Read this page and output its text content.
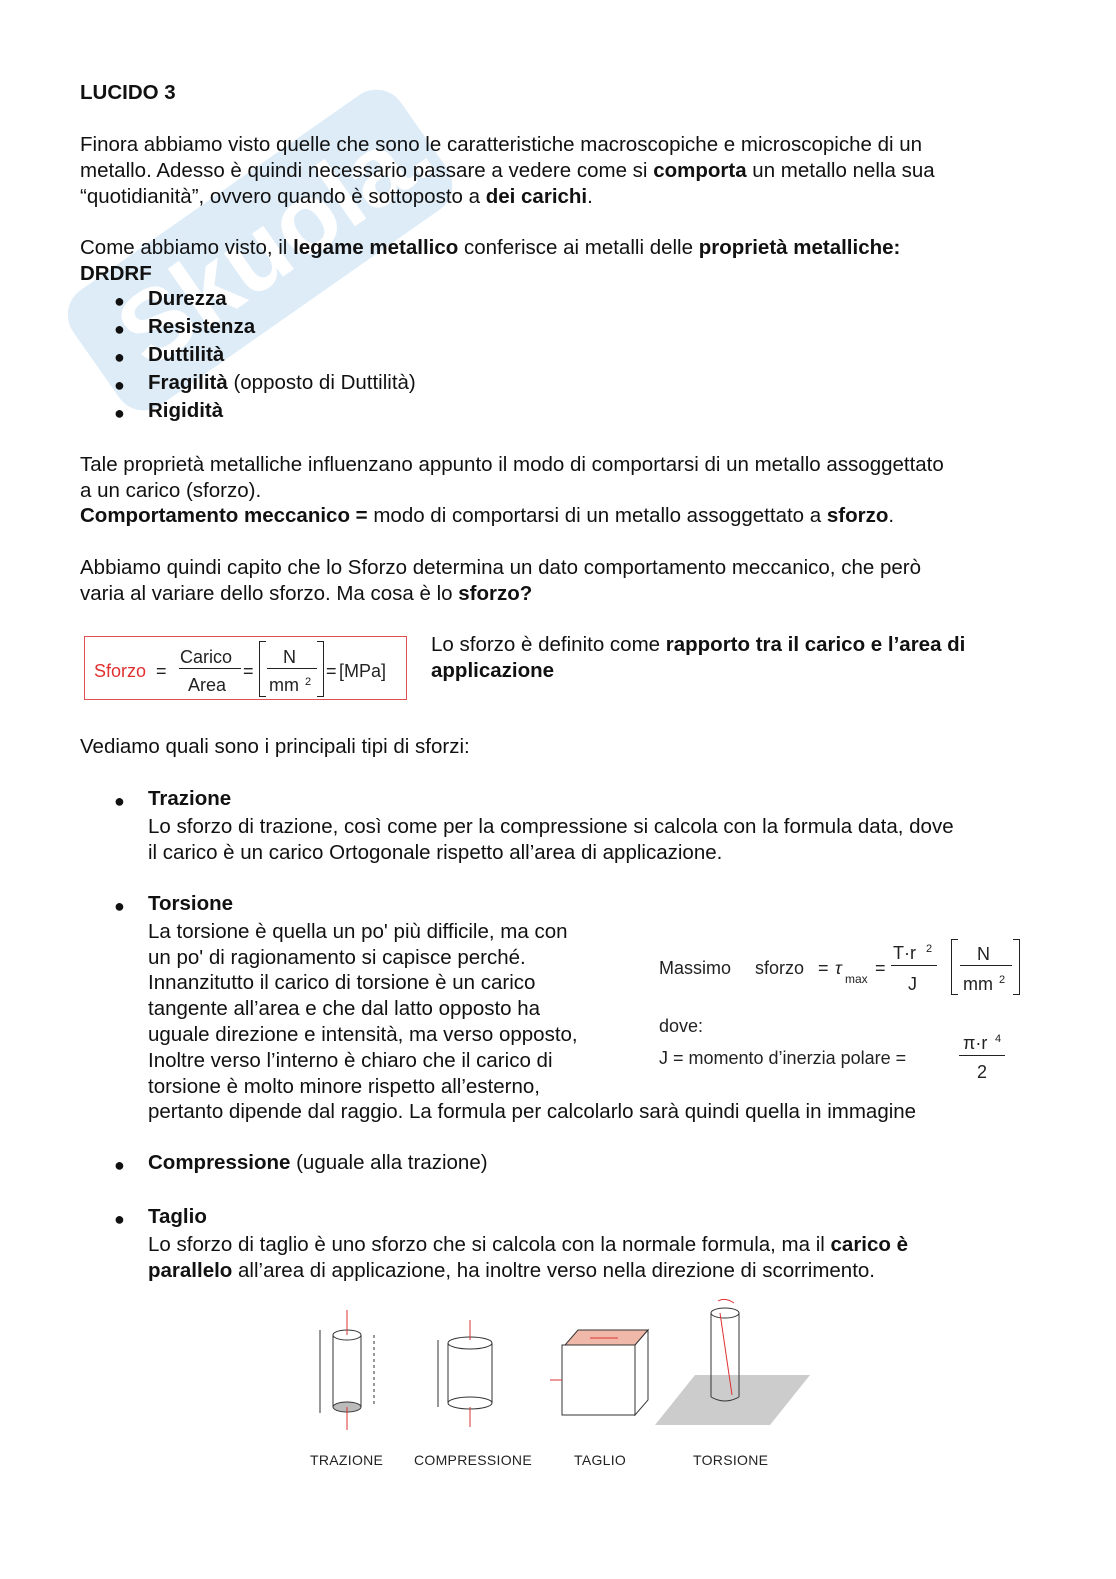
Skuola.net
LUCIDO 3
Finora abbiamo visto quelle che sono le caratteristiche macroscopiche e microscopiche di un
metallo. Adesso è quindi necessario passare a vedere come si comporta un metallo nella sua
“quotidianità”, ovvero quando è sottoposto a dei carichi.
Come abbiamo visto, il legame metallico conferisce ai metalli delle proprietà metalliche:
DRDRF
● Durezza
● Resistenza
● Duttilità
● Fragilità (opposto di Duttilità)
● Rigidità
Tale proprietà metalliche influenzano appunto il modo di comportarsi di un metallo assoggettato
a un carico (sforzo).
Comportamento meccanico = modo di comportarsi di un metallo assoggettato a sforzo.
Abbiamo quindi capito che lo Sforzo determina un dato comportamento meccanico, che però
varia al variare dello sforzo. Ma cosa è lo sforzo?
Sforzo =
Carico
Area
=
N
mm 2
= [MPa]
Lo sforzo è definito come rapporto tra il carico e l’area di
applicazione
Vediamo quali sono i principali tipi di sforzi:
● Trazione
Lo sforzo di trazione, così come per la compressione si calcola con la formula data, dove
il carico è un carico Ortogonale rispetto all’area di applicazione.
● Torsione
La torsione è quella un po' più difficile, ma con
un po' di ragionamento si capisce perché.
Innanzitutto il carico di torsione è un carico
tangente all’area e che dal latto opposto ha
uguale direzione e intensità, ma verso opposto,
Inoltre verso l’interno è chiaro che il carico di
torsione è molto minore rispetto all’esterno,
pertanto dipende dal raggio. La formula per calcolarlo sarà quindi quella in immagine
Massimo sforzo = τ
max
=
T·r 2
J
N
mm 2
dove:
J = momento d’inerzia polare =
π·r 4
2
● Compressione (uguale alla trazione)
● Taglio
Lo sforzo di taglio è uno sforzo che si calcola con la normale formula, ma il carico è
parallelo all’area di applicazione, ha inoltre verso nella direzione di scorrimento.
TRAZIONE COMPRESSIONE	TAGLIO	TORSIONE
